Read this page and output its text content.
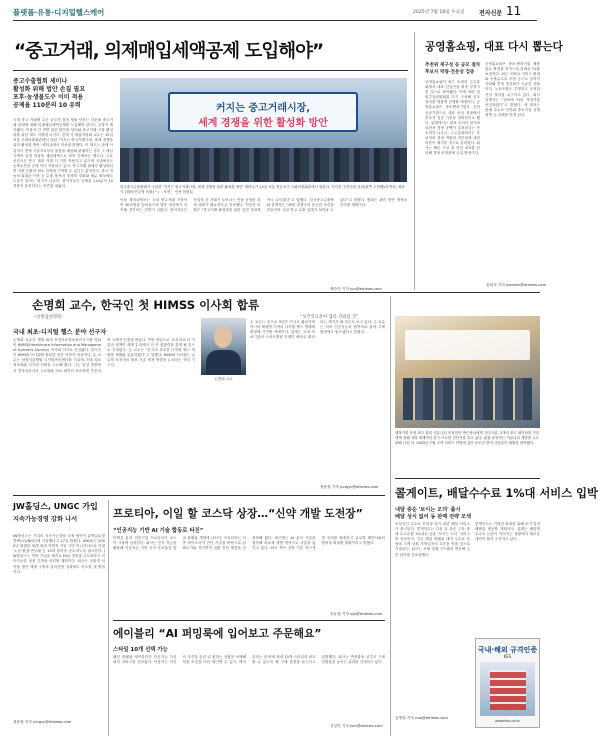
플랫폼·유통·디지털헬스케어	2025년 7월 18일 수요일 전자신문 11
“중고거래, 의제매입세액공제 도입해야”
중고수출협회 세미나
활성화 위해 법안 손질 필요
포후·농생물도수 이미 적용
공제율 110분의 10 유력
국내 중고 거래량 수준 규모가 점점 세를 단자는 가운데 중고거래 판매에 대해 의제매입세액공제를 도입해야 한다는 주장이 제기됐다. 이용자 간 반면 관련 법안을 넘어와 중고거래 시장 활성화를 위한 제도 지원에 나선다. 현재 시 세율지원회 교수는 15일 서울 국회의원회관에서 열린 ‘커지는 중고거래시장, 세계 경쟁을 위한 활성화 방안’ 세미나에서 이처럼 밝혔다. 이 제도는 과세 사업자가 면세 사업자로부터 물품을 매입해 판매하는 경우 그 매입가액의 일정 비율을 매입세액으로 보아 공제하는 제도다. 주요 선진국은 중고 재화 거래 시 이를 적용하고 있으며 국내에서도 농축수산물 등에 이미 적용되고 있다. 중고거래 판매가 활성화되면 자원 순환과 탄소 감축에 기여할 수 있다는 분석이다. 중고 자동차·휴대폰·가전 등 수출 품목의 경쟁력 강화와 세수 확보에도 도움이 된다는 평가가 나온다. 참석자들은 공제율 110분의 10 적용이 유력하다는 의견을 내놨다.
커지는 중고거래시장,
세계 경쟁을 위한 활성화 방안
한국중고수출협회가 주관한 '커지는 중고거래시장, 세계 경쟁을 위한 활성화 방안' 세미나가 15일 서울 영등포구 국회의원회관에서 열렸다. 이인선 국민의힘 의원(왼쪽 두번째)과 박동, 최용식 더불어민주당 의원(···) 〈사진〉 인선 의원실
이날 세미나에서는 국내 중고거래 시장이 연 30조원을 넘어섰으며 향후 성장세가 지속될 것이라는 전망이 나왔다. 참석자들은 사업자 간 거래가 늘어나는 만큼 공정한 과세 체계가 필요하다고 강조했다. 이인선 의원은 “중고거래 활성화를 위한 입법 지원에 적극 나서겠다”고 말했다. 한국중고수출협회 관계자는 “해외 경쟁국과 동등한 조건을 만들어야 국내 중고 수출 업계가 살아날 수 있다”고 밝혔다. 협회는 관련 법안 개정을 건의할 계획이다.
백승민 기자 jun@etnews.com
공영홈쇼핑, 대표 다시 뽑는다
추천위 재구성 등 공모 절차
후보자 역량·전문성 검증
공영홈쇼핑이 최근 소집한 주주총회에서 대표 선임안을 최종 부결시킨 것으로 파악됐다. 이에 따라 임원추천위원회를 다시 구성해 공모 절차를 새롭게 진행할 예정이다. 공영홈쇼핑은 중소벤처기업부 산하 공공기관으로 대표 선임 과정에서 후보자 검증 기준을 강화하기로 했다. 업계에서는 대표 공석이 장기화되면서 경영 공백이 우려된다는 목소리가 나온다. 주주총회에서는 후보자의 경영 역량과 전문성에 대한 의문이 제기된 것으로 알려졌다. 회사는 빠른 시일 내 신임 대표를 선임해 경영 안정화에 나설 방침이다.
공영홈쇼핑은 중소·벤처기업 제품 판로 확대를 목적으로 설립된 TV홈쇼핑이다. 최근 모바일 커머스 확대와 송출수수료 부담 등으로 실적이 악화돼 경영 정상화가 시급한 상황이다. 노동조합은 투명하고 공정한 선임 절차를 요구하고 있다. 회사 관계자는 “절차에 따라 적임자를 선임하겠다”고 밝혔다. 새 대표는 판매 수수료 인하와 중소기업 상생 정책 등 과제를 안게 된다.
윤희석 기자 pioneer@etnews.com
손명희 교수, 한국인 첫 HIMSS 이사회 합류
〈상원삼성병원〉	“보건의료분야 협력 강화할 것”
국내 최초·디지털 헬스 분야 선구자
손명희 교수가 세계 최대 보건의료정보관리시스템 학회인 HIMSS(Healthcare Information and Management Systems Society) 이사회 이사로 선임됐다. 한국인이 HIMSS 이사회에 합류한 것은 이번이 처음이다. 손 교수는 삼성서울병원 디지털혁신센터를 이끌며 국내 의료 정보화와 디지털 전환을 주도해 왔다. 그는 임상 현장에서 전자의무기록 고도화와 의료 데이터 표준화를 추진하며 국제적 인정을 받았다. 이번 선임으로 국내 의료 IT 기술과 정책이 세계 무대에서 더 큰 영향력을 갖게 될 것으로 기대된다. 손 교수는 “한국의 우수한 디지털 헬스 역량을 세계와 공유하겠다”고 말했다. HIMSS 이사회는 글로벌 보건의료 정보 기술 정책 방향을 논의하는 핵심 기구다.
손명희 교수
손 교수는 앞으로 3년간 이사로 활동하며 아시아 태평양 지역의 디지털 헬스 생태계 확장에 기여할 예정이다. 업계는 국내 의료기관의 스마트병원 모델이 해외로 확산되는 계기가 될 것으로 보고 있다. 손 교수는 의료 인공지능과 원격의료 분야 국제 협력에도 힘쓰겠다고 밝혔다.
정용철 기자 jungyc@etnews.com
행복카를 운영 최고 관록 커뮤니티 송창현이 박근영님에게 구더사업 고객의 전고 데이터를 기술에게 전해 지며 세계적인 한국 프로를 진단자를 하고 있다. 판을 운영하는 커뮤니티 개발를 고도화해 나선 다. 2025년 7월 고객 서비스 미팅에 있어 공모전 한미 사업들이 매월를 참여했다.
콜게이트, 배달수수료 1%대 서비스 입박
내달 중순 '보이는 오더' 출시
배달 성식 없어 동 판매 전략 모색
소상공인 수수료 부담을 덜기 위한 배달 서비스가 출시된다. 콜게이트는 다음 달 중순 주문 중개 수수료를 1%대로 낮춘 ‘보이는 오더’ 서비스를 선보인다. 기존 배달 플랫폼 대비 수수료 부담을 크게 낮춰 자영업자의 호응을 얻을 것으로 기대된다. 회사는 자체 결제 시스템과 연동해 주문 관리를 간소화했다.
콜게이트는 가맹점 확대를 위해 초기 입점 혜택을 제공할 계획이다. 업계는 배달앱 수수료 논란이 이어지는 상황에서 새로운 대안이 될지 주목하고 있다.
김명희 기자 noa@etnews.com
국내·해외 규격인증
KES
www.kes.co.kr
JW홀딩스, UNGC 가입
지속가능경영 강화 나서
JW홀딩스는 기업의 지속가능경영 국제 협약인 유엔글로벌콤팩트(UNGC)에 가입했다고 17일 밝혔다. UNGC는 2000년 출범한 세계 최대 자발적 기업 시민 이니셔티브로 인권·노동·환경·반부패 등 10대 원칙을 준수하도록 권고한다. JW홀딩스는 이번 가입을 계기로 ESG 경영을 고도화하고 지속가능한 성장 기반을 마련할 계획이다. 회사는 친환경 의약품 생산 체계 구축과 윤리경영 강화에도 속도를 낼 방침이다.
정용철 기자 jungyc@etnews.com
프로티아, 이일 할 코스닥 상장…“신약 개발 도전장”
“인공지능 기반 AI 기술 합동로 타진”
단백질 분석 전문기업 프로티아가 코스닥 시장에 상장한다. 회사는 공모 자금을 활용해 인공지능 기반 신약 후보물질 발굴 플랫폼 개발에 나선다. 프로티아는 다중 바이오마커 진단 기술을 바탕으로 알레르기와 자가면역 질환 진단 제품을 상용화해 왔다. 최근에는 AI 분석 기술을 접목해 치료제 개발 영역으로 사업을 넓히고 있다. 회사 측은 상장 이후 연구개발 인력을 확충하고 글로벌 제약사와의 협력을 확대할 계획이라고 밝혔다.
송윤섭 기자 sys@etnews.com
에이블리 “AI 퍼밍룩에 입어보고 주문해요”
스타일 10개 선택 가능
패션 플랫폼 에이블리가 인공지능 가상 피팅 서비스를 선보였다. 이용자는 자신의 사진을 올린 뒤 원하는 상품을 선택해 착용 모습을 미리 확인할 수 있다. 에이블리는 한 번에 최대 10개 스타일을 비교할 수 있도록 해 구매 결정을 돕는다고 설명했다. 회사는 반품률을 낮추고 구매 전환율을 높이는 효과를 기대하고 있다.
김성민 기자 jsm@etnews.com
